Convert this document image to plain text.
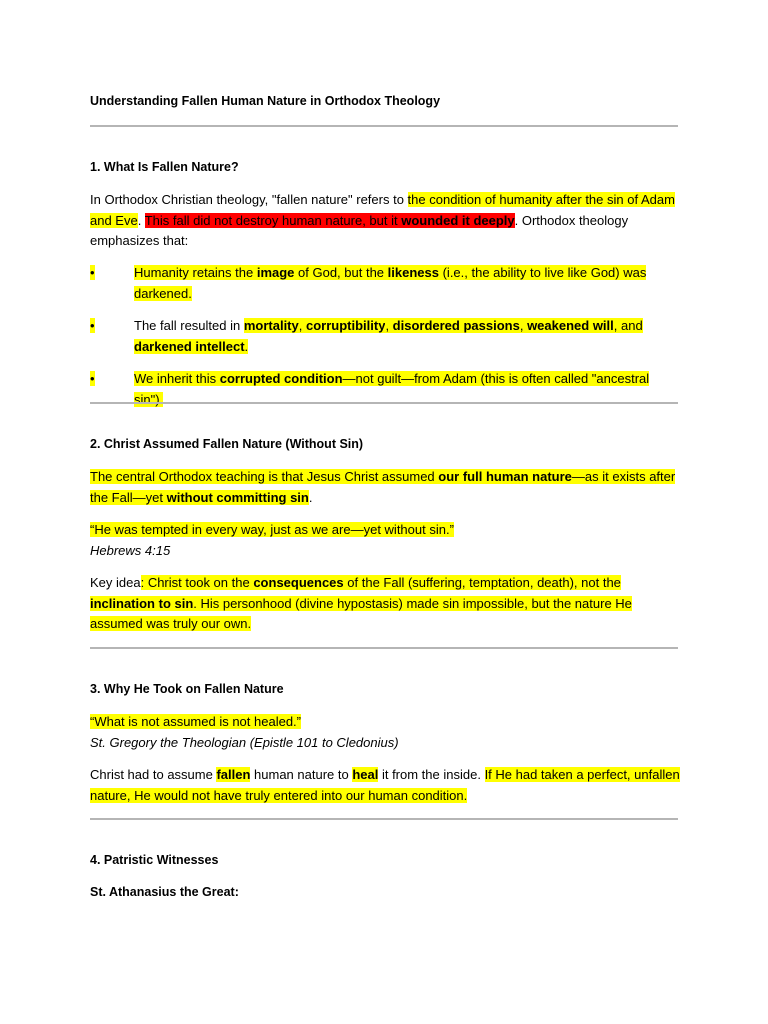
Understanding Fallen Human Nature in Orthodox Theology
1. What Is Fallen Nature?
In Orthodox Christian theology, "fallen nature" refers to the condition of humanity after the sin of Adam and Eve. This fall did not destroy human nature, but it wounded it deeply. Orthodox theology emphasizes that:
•	Humanity retains the image of God, but the likeness (i.e., the ability to live like God) was darkened.
•	The fall resulted in mortality, corruptibility, disordered passions, weakened will, and darkened intellect.
•	We inherit this corrupted condition—not guilt—from Adam (this is often called "ancestral sin").
2. Christ Assumed Fallen Nature (Without Sin)
The central Orthodox teaching is that Jesus Christ assumed our full human nature—as it exists after the Fall—yet without committing sin.
“He was tempted in every way, just as we are—yet without sin.”
Hebrews 4:15
Key idea: Christ took on the consequences of the Fall (suffering, temptation, death), not the inclination to sin. His personhood (divine hypostasis) made sin impossible, but the nature He assumed was truly our own.
3. Why He Took on Fallen Nature
“What is not assumed is not healed.”
St. Gregory the Theologian (Epistle 101 to Cledonius)
Christ had to assume fallen human nature to heal it from the inside. If He had taken a perfect, unfallen nature, He would not have truly entered into our human condition.
4. Patristic Witnesses
St. Athanasius the Great:
